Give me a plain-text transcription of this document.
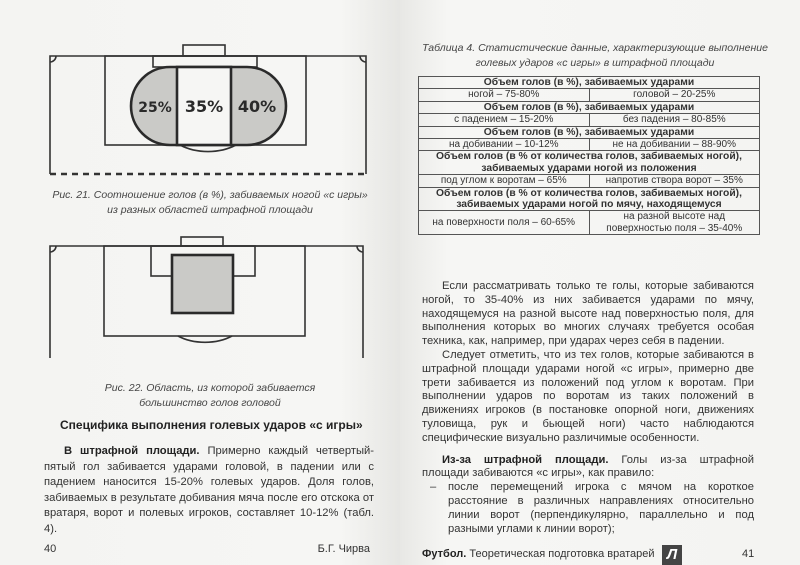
25% 35% 40%
Рис. 21. Соотношение голов (в %), забиваемых ногой «с игры»
из разных областей штрафной площади
Рис. 22. Область, из которой забивается
большинство голов головой
Специфика выполнения голевых ударов «с игры»

В штрафной площади. Примерно каждый четвертый-пятый гол забивается ударами головой, в падении или с падением наносится 15-20% голевых ударов. Доля голов, забиваемых в результате добивания мяча после его отскока от вратаря, ворот и полевых игроков, составляет 10-12% (табл. 4).

40	Б.Г. Чирва
Таблица 4. Статистические данные, характеризующие выполнение
голевых ударов «с игры» в штрафной площади
Объем голов (в %), забиваемых ударами	
ногой – 75-80%	головой – 20-25%
Объем голов (в %), забиваемых ударами	
с падением – 15-20%	без падения – 80-85%
Объем голов (в %), забиваемых ударами	
на добивании – 10-12%	не на добивании – 88-90%
Объем голов (в % от количества голов, забиваемых ногой), забиваемых ударами ногой из положения	
под углом к воротам – 65%	напротив створа ворот – 35%
Объем голов (в % от количества голов, забиваемых ногой), забиваемых ударами ногой по мячу, находящемуся	
на поверхности поля – 60-65%	на разной высоте над поверхностью поля – 35-40%

Если рассматривать только те голы, которые забиваются ногой, то 35-40% из них забивается ударами по мячу, находящемуся на разной высоте над поверхностью поля, для выполнения которых во многих случаях требуется особая техника, как, например, при ударах через себя в падении.

Следует отметить, что из тех голов, которые забиваются в штрафной площади ударами ногой «с игры», примерно две трети забивается из положений под углом к воротам. При выполнении ударов по воротам из таких положений в движениях игроков (в постановке опорной ноги, движениях туловища, рук и бьющей ноги) часто наблюдаются специфические визуально различимые особенности.

Из-за штрафной площади. Голы из-за штрафной площади забиваются «с игры», как правило:

–	после перемещений игрока с мячом на короткое расстояние в различных направлениях относительно линии ворот (перпендикулярно, параллельно и под разными углами к линии ворот);
Футбол. Теоретическая подготовка вратарей	41
Л
